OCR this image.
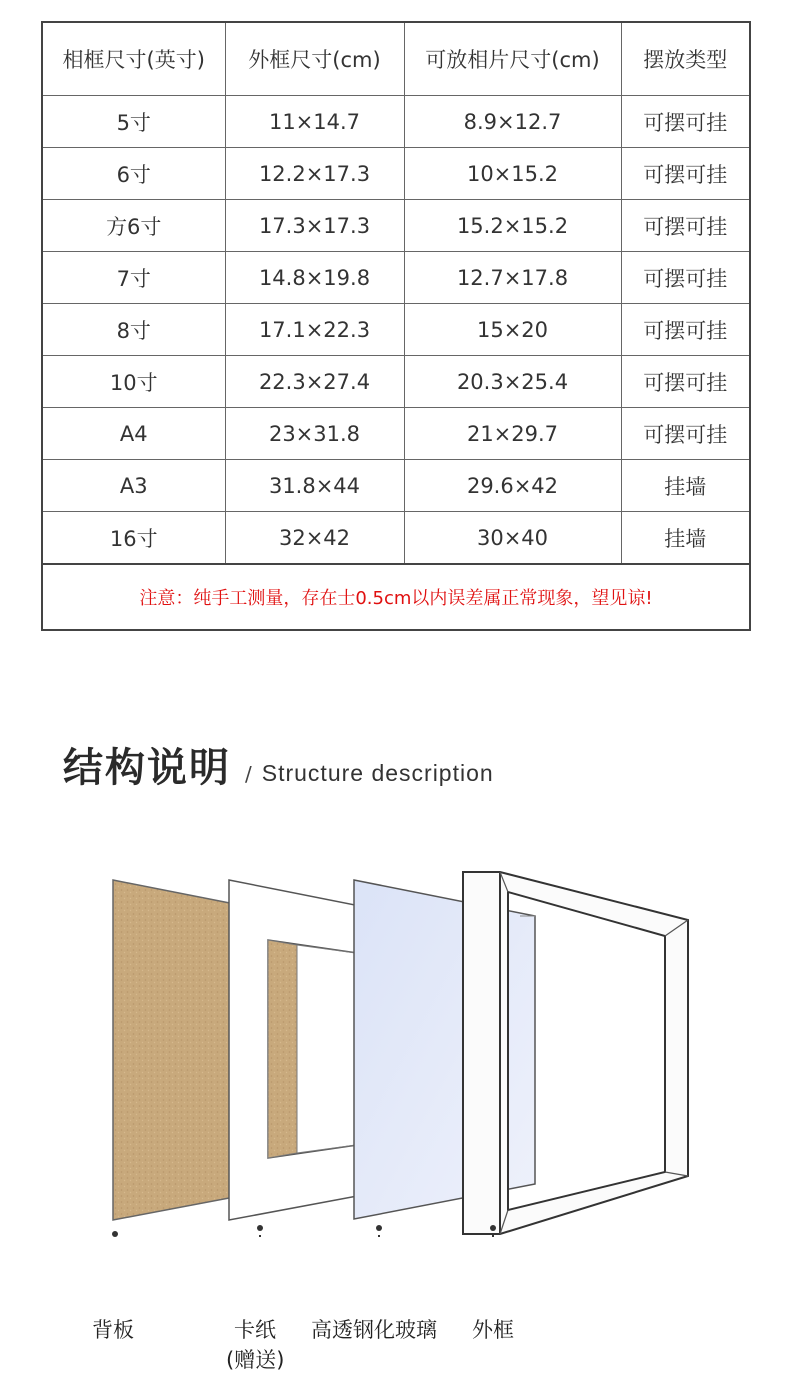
相框尺寸(英寸)	外框尺寸(cm)	可放相片尺寸(cm)	摆放类型
5寸	11×14.7	8.9×12.7	可摆可挂
6寸	12.2×17.3	10×15.2	可摆可挂
方6寸	17.3×17.3	15.2×15.2	可摆可挂
7寸	14.8×19.8	12.7×17.8	可摆可挂
8寸	17.1×22.3	15×20	可摆可挂
10寸	22.3×27.4	20.3×25.4	可摆可挂
A4	23×31.8	21×29.7	可摆可挂
A3	31.8×44	29.6×42	挂墙
16寸	32×42	30×40	挂墙
注意：纯手工测量，存在士0.5cm以内误差属正常现象，望见谅!			
结构说明 / Structure description
背板	卡纸
(赠送)
高透钢化玻璃 外框
